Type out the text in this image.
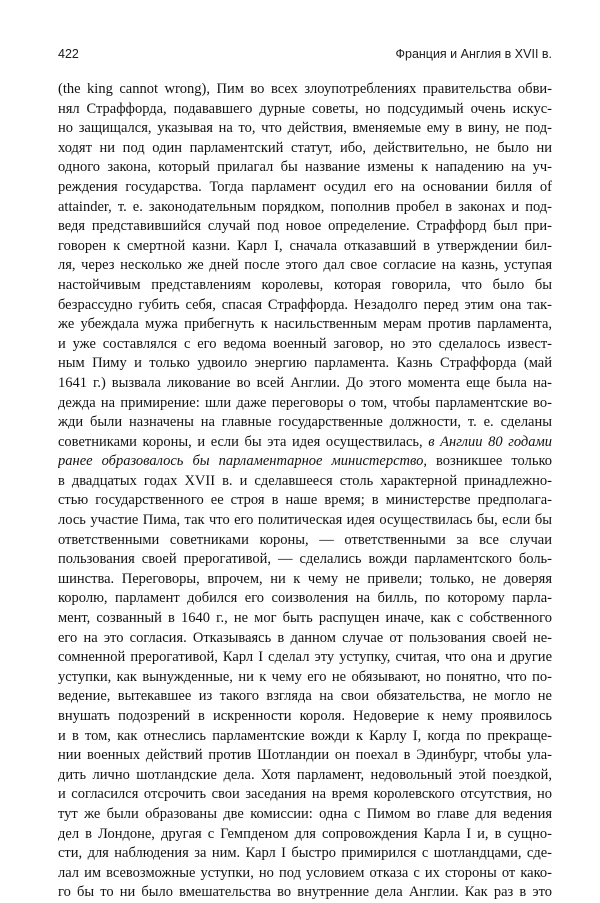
422	Франция и Англия в XVII в.
(the king cannot wrong), Пим во всех злоупотреблениях правительства обви-
нял Страффорда, подававшего дурные советы, но подсудимый очень искус-
но защищался, указывая на то, что действия, вменяемые ему в вину, не под-
ходят ни под один парламентский статут, ибо, действительно, не было ни
одного закона, который прилагал бы название измены к нападению на уч-
реждения государства. Тогда парламент осудил его на основании билля of
attainder, т. е. законодательным порядком, пополнив пробел в законах и под-
ведя представившийся случай под новое определение. Страффорд был при-
говорен к смертной казни. Карл I, сначала отказавший в утверждении бил-
ля, через несколько же дней после этого дал свое согласие на казнь, уступая
настойчивым представлениям королевы, которая говорила, что было бы
безрассудно губить себя, спасая Страффорда. Незадолго перед этим она так-
же убеждала мужа прибегнуть к насильственным мерам против парламента,
и уже составлялся с его ведома военный заговор, но это сделалось извест-
ным Пиму и только удвоило энергию парламента. Казнь Страффорда (май
1641 г.) вызвала ликование во всей Англии. До этого момента еще была на-
дежда на примирение: шли даже переговоры о том, чтобы парламентские во-
жди были назначены на главные государственные должности, т. е. сделаны
советниками короны, и если бы эта идея осуществилась, в Англии 80 годами
ранее образовалось бы парламентарное министерство, возникшее только
в двадцатых годах XVII в. и сделавшееся столь характерной принадлежно-
стью государственного ее строя в наше время; в министерстве предполага-
лось участие Пима, так что его политическая идея осуществилась бы, если бы
ответственными советниками короны, — ответственными за все случаи
пользования своей прерогативой, — сделались вожди парламентского боль-
шинства. Переговоры, впрочем, ни к чему не привели; только, не доверяя
королю, парламент добился его соизволения на билль, по которому парла-
мент, созванный в 1640 г., не мог быть распущен иначе, как с собственного
его на это согласия. Отказываясь в данном случае от пользования своей не-
сомненной прерогативой, Карл I сделал эту уступку, считая, что она и другие
уступки, как вынужденные, ни к чему его не обязывают, но понятно, что по-
ведение, вытекавшее из такого взгляда на свои обязательства, не могло не
внушать подозрений в искренности короля. Недоверие к нему проявилось
и в том, как отнеслись парламентские вожди к Карлу I, когда по прекраще-
нии военных действий против Шотландии он поехал в Эдинбург, чтобы ула-
дить лично шотландские дела. Хотя парламент, недовольный этой поездкой,
и согласился отсрочить свои заседания на время королевского отсутствия, но
тут же были образованы две комиссии: одна с Пимом во главе для ведения
дел в Лондоне, другая с Гемпденом для сопровождения Карла I и, в сущно-
сти, для наблюдения за ним. Карл I быстро примирился с шотландцами, сде-
лал им всевозможные уступки, но под условием отказа с их стороны от како-
го бы то ни было вмешательства во внутренние дела Англии. Как раз в это
